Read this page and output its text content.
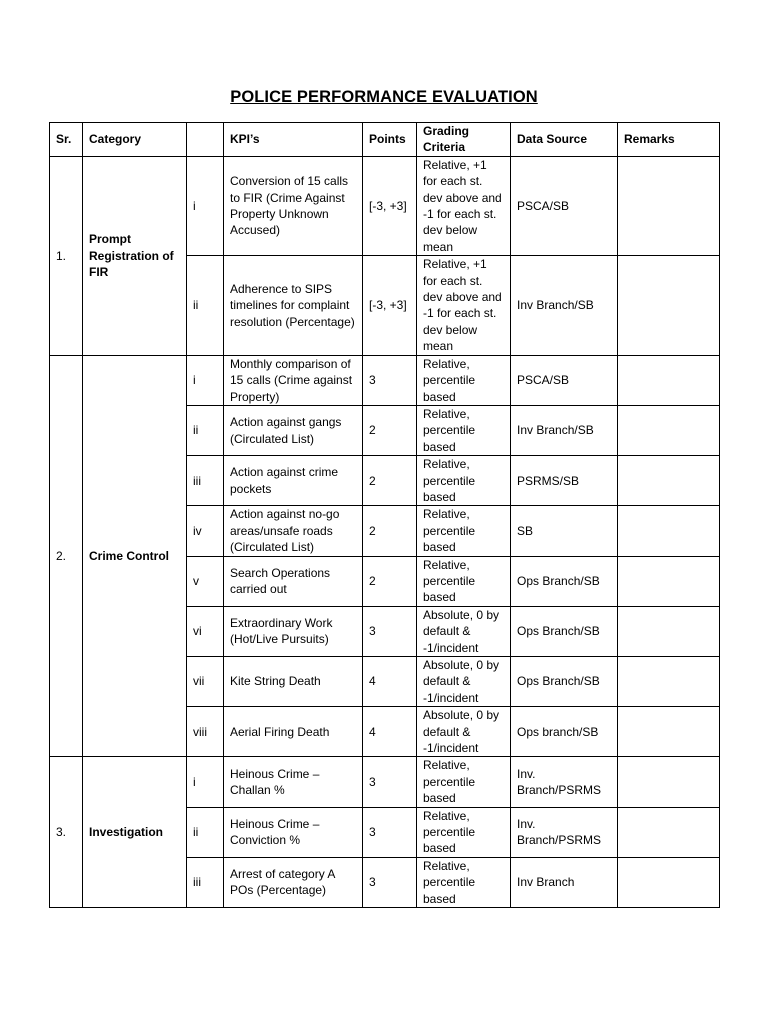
POLICE PERFORMANCE EVALUATION
Sr.	Category		KPI’s	Points	Grading Criteria	Data Source	Remarks
1.	Prompt Registration of FIR	i	Conversion of 15 calls to FIR (Crime Against Property Unknown Accused)	[-3, +3]	Relative, +1 for each st. dev above and -1 for each st. dev below mean	PSCA/SB	
		ii	Adherence to SIPS timelines for complaint resolution (Percentage)	[-3, +3]	Relative, +1 for each st. dev above and -1 for each st. dev below mean	Inv Branch/SB	
2.	Crime Control	i	Monthly comparison of 15 calls (Crime against Property)	3	Relative, percentile based	PSCA/SB	
		ii	Action against gangs (Circulated List)	2	Relative, percentile based	Inv Branch/SB	
		iii	Action against crime pockets	2	Relative, percentile based	PSRMS/SB	
		iv	Action against no-go areas/unsafe roads (Circulated List)	2	Relative, percentile based	SB	
		v	Search Operations carried out	2	Relative, percentile based	Ops Branch/SB	
		vi	Extraordinary Work (Hot/Live Pursuits)	3	Absolute, 0 by default & -1/incident	Ops Branch/SB	
		vii	Kite String Death	4	Absolute, 0 by default & -1/incident	Ops Branch/SB	
		viii	Aerial Firing Death	4	Absolute, 0 by default & -1/incident	Ops branch/SB	
3.	Investigation	i	Heinous Crime – Challan %	3	Relative, percentile based	Inv. Branch/PSRMS	
		ii	Heinous Crime – Conviction %	3	Relative, percentile based	Inv. Branch/PSRMS	
		iii	Arrest of category A POs (Percentage)	3	Relative, percentile based	Inv Branch	
